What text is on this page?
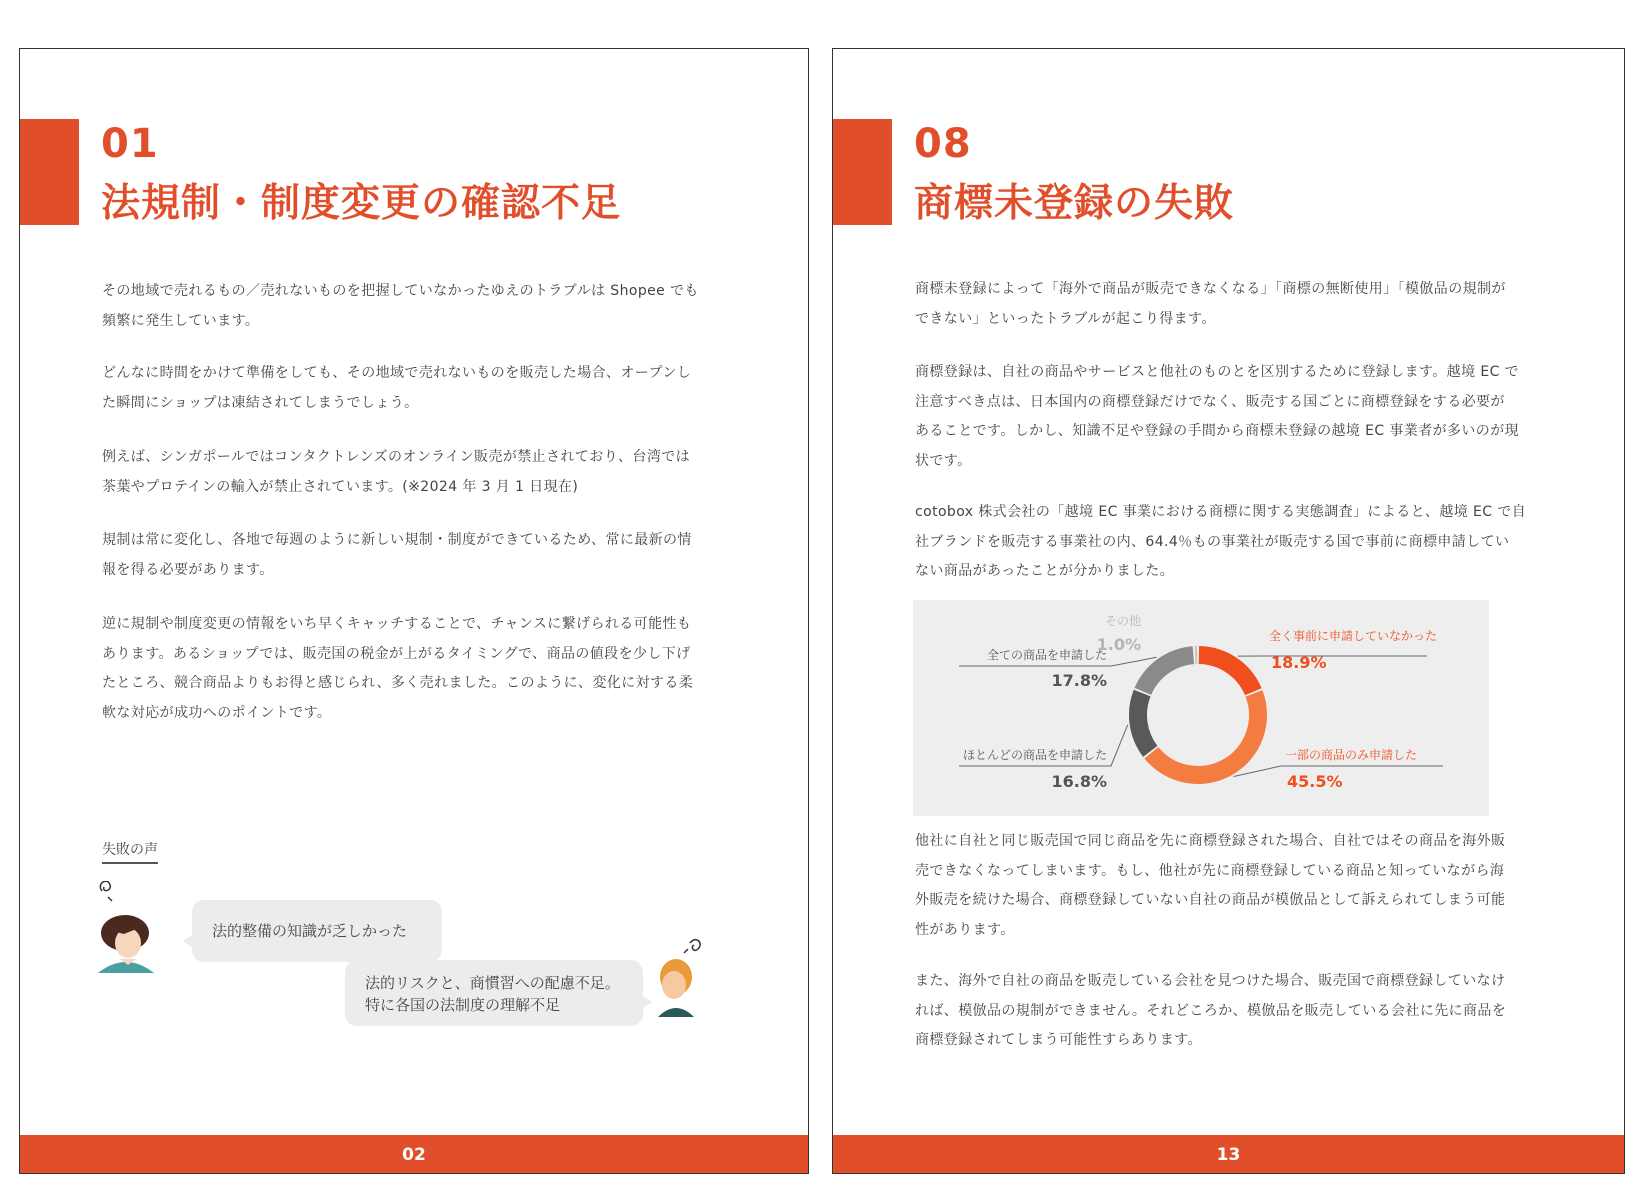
01
法規制・制度変更の確認不足
その地域で売れるもの／売れないものを把握していなかったゆえのトラブルは Shopee でも
頻繁に発生しています。
どんなに時間をかけて準備をしても、その地域で売れないものを販売した場合、オープンし
た瞬間にショップは凍結されてしまうでしょう。
例えば、シンガポールではコンタクトレンズのオンライン販売が禁止されており、台湾では
茶葉やプロテインの輸入が禁止されています。(※2024 年 3 月 1 日現在)
規制は常に変化し、各地で毎週のように新しい規制・制度ができているため、常に最新の情
報を得る必要があります。
逆に規制や制度変更の情報をいち早くキャッチすることで、チャンスに繋げられる可能性も
あります。あるショップでは、販売国の税金が上がるタイミングで、商品の値段を少し下げ
たところ、競合商品よりもお得と感じられ、多く売れました。このように、変化に対する柔
軟な対応が成功へのポイントです。
失敗の声
法的整備の知識が乏しかった
法的リスクと、商慣習への配慮不足。
特に各国の法制度の理解不足
02
08
商標未登録の失敗
商標未登録によって「海外で商品が販売できなくなる」「商標の無断使用」「模倣品の規制が
できない」といったトラブルが起こり得ます。
商標登録は、自社の商品やサービスと他社のものとを区別するために登録します。越境 EC で
注意すべき点は、日本国内の商標登録だけでなく、販売する国ごとに商標登録をする必要が
あることです。しかし、知識不足や登録の手間から商標未登録の越境 EC 事業者が多いのが現
状です。
cotobox 株式会社の「越境 EC 事業における商標に関する実態調査」によると、越境 EC で自
社ブランドを販売する事業社の内、64.4％もの事業社が販売する国で事前に商標申請してい
ない商品があったことが分かりました。
全く事前に申請していなかった
18.9%
一部の商品のみ申請した
45.5%
ほとんどの商品を申請した
16.8%
全ての商品を申請した
17.8%
その他
1.0%
他社に自社と同じ販売国で同じ商品を先に商標登録された場合、自社ではその商品を海外販
売できなくなってしまいます。もし、他社が先に商標登録している商品と知っていながら海
外販売を続けた場合、商標登録していない自社の商品が模倣品として訴えられてしまう可能
性があります。
また、海外で自社の商品を販売している会社を見つけた場合、販売国で商標登録していなけ
れば、模倣品の規制ができません。それどころか、模倣品を販売している会社に先に商品を
商標登録されてしまう可能性すらあります。
13
